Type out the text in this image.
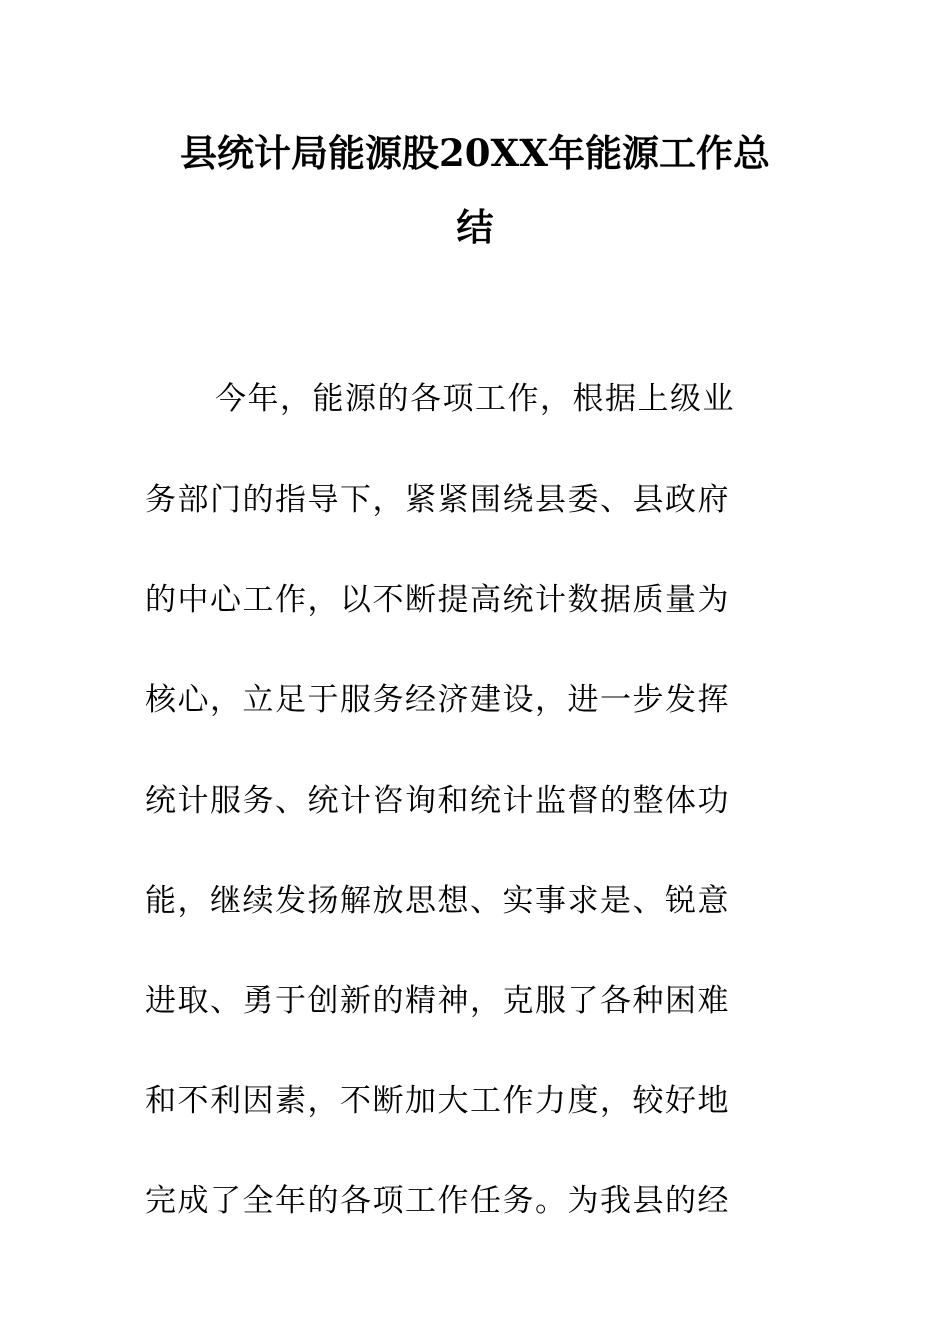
县统计局能源股20XX年能源工作总
结
今年，能源的各项工作，根据上级业
务部门的指导下，紧紧围绕县委、县政府
的中心工作，以不断提高统计数据质量为
核心，立足于服务经济建设，进一步发挥
统计服务、统计咨询和统计监督的整体功
能，继续发扬解放思想、实事求是、锐意
进取、勇于创新的精神，克服了各种困难
和不利因素，不断加大工作力度，较好地
完成了全年的各项工作任务。为我县的经
